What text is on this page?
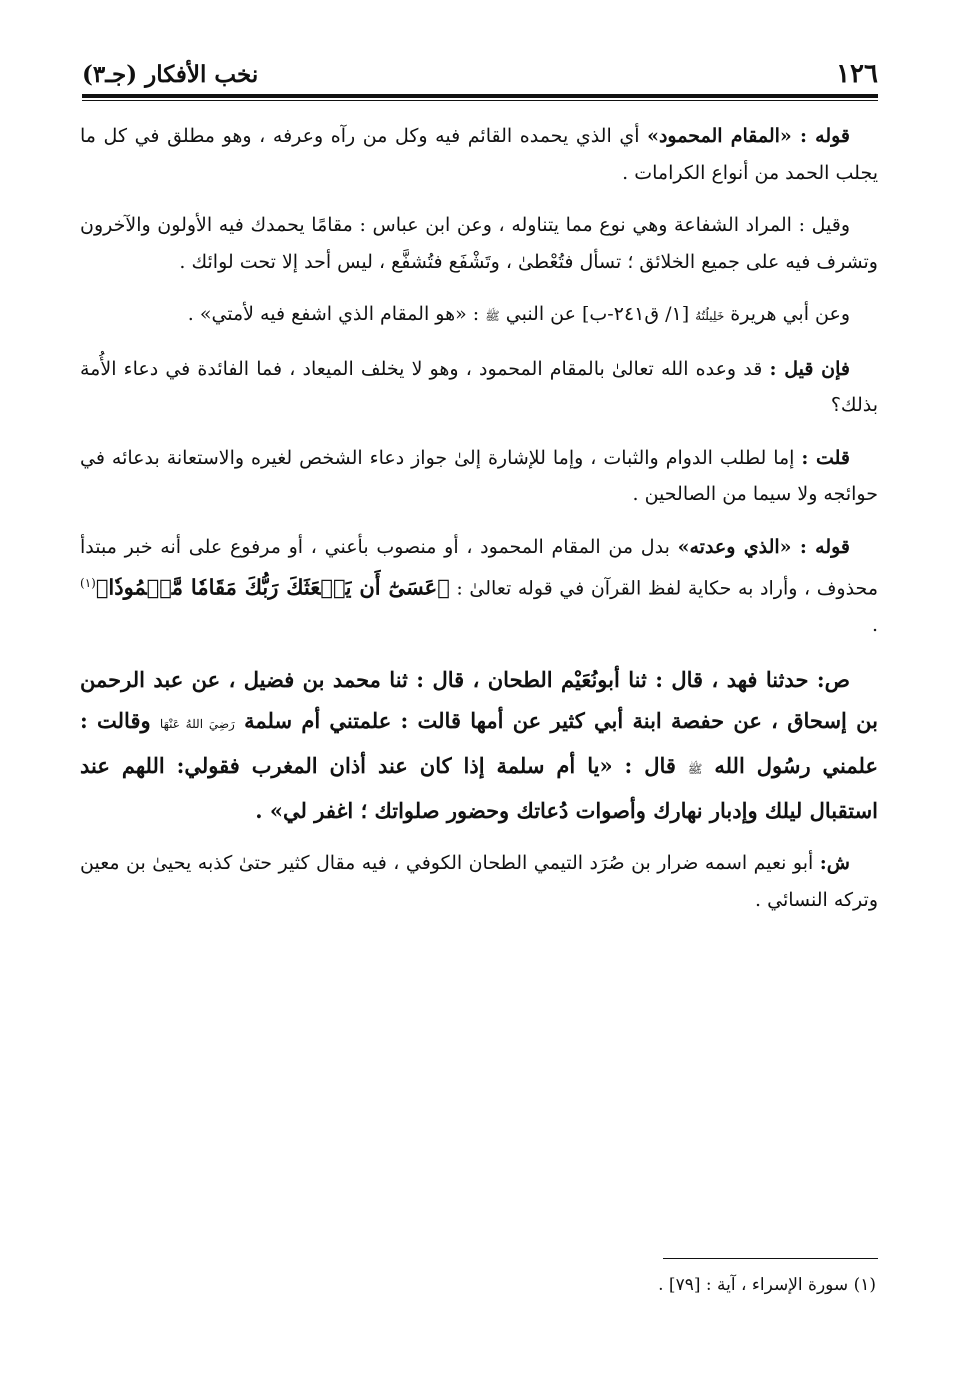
١٢٦
نخب الأفكار (جـ٣)

قوله : «المقام المحمود» أي الذي يحمده القائم فيه وكل من رآه وعرفه ، وهو مطلق في كل ما يجلب الحمد من أنواع الكرامات .

وقيل : المراد الشفاعة وهي نوع مما يتناوله ، وعن ابن عباس : مقامًا يحمدك فيه الأولون والآخرون وتشرف فيه على جميع الخلائق ؛ تسأل فتُعْطىٰ ، وتَشْفَع فتُشفَّع ، ليس أحد إلا تحت لوائك .

وعن أبي هريرة خَلِيلُتُهُ [١/ ق٢٤١-ب] عن النبي ﷺ : «هو المقام الذي اشفع فيه لأمتي» .

فإن قيل : قد وعده الله تعالىٰ بالمقام المحمود ، وهو لا يخلف الميعاد ، فما الفائدة في دعاء الأُمة بذلك؟

قلت : إما لطلب الدوام والثبات ، وإما للإشارة إلىٰ جواز دعاء الشخص لغيره والاستعانة بدعائه في حوائجه ولا سيما من الصالحين .

قوله : «الذي وعدته» بدل من المقام المحمود ، أو منصوب بأعني ، أو مرفوع على أنه خبر مبتدأ محذوف ، وأراد به حكاية لفظ القرآن في قوله تعالىٰ : ﴿عَسَىٰٓ أَن يَبۡعَثَكَ رَبُّكَ مَقَامٗا مَّحۡمُودٗا﴾$^{(١)}$ .

ص: حدثنا فهد ، قال : ثنا أبونُعَيْم الطحان ، قال : ثنا محمد بن فضيل ، عن عبد الرحمن بن إسحاق ، عن حفصة ابنة أبي كثير عن أمها قالت : علمتني أم سلمة رَضِيَ اللهُ عَنْهَا وقالت : علمني رسُول الله ﷺ قال : «يا أم سلمة إذا كان عند أذان المغرب فقولي: اللهم عند استقبال ليلك وإدبار نهارك وأصوات دُعاتك وحضور صلواتك ؛ اغفر لي» .

ش: أبو نعيم اسمه ضرار بن صُرَد التيمي الطحان الكوفي ، فيه مقال كثير حتىٰ كذبه يحيىٰ بن معين وتركه النسائي .

(١) سورة الإسراء ، آية : [٧٩] .
